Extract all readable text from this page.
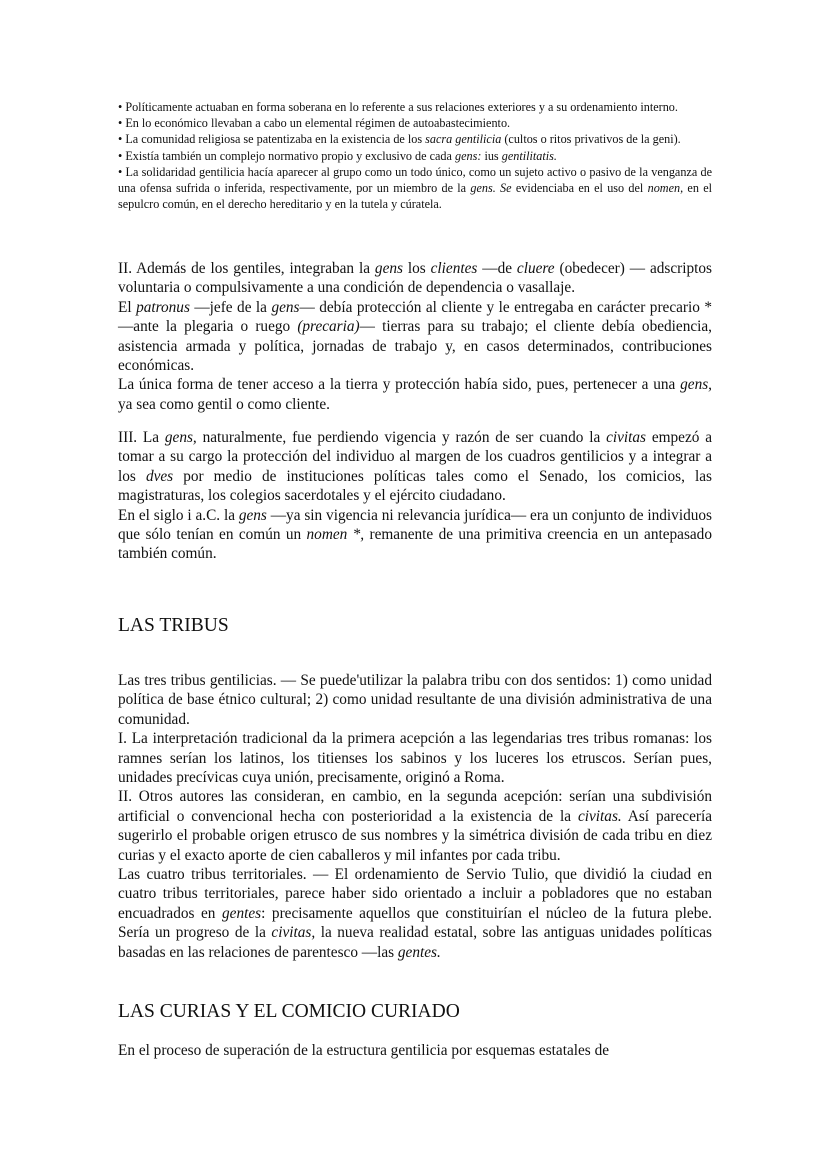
• Políticamente actuaban en forma soberana en lo referente a sus relaciones exteriores y a su ordenamiento interno.

• En lo económico llevaban a cabo un elemental régimen de autoabastecimiento.

• La comunidad religiosa se patentizaba en la existencia de los sacra gentilicia (cultos o ritos privativos de la geni).

• Existía también un complejo normativo propio y exclusivo de cada gens: ius gentilitatis.

• La solidaridad gentilicia hacía aparecer al grupo como un todo único, como un sujeto activo o pasivo de la venganza de una ofensa sufrida o inferida, respectivamente, por un miembro de la gens. Se evidenciaba en el uso del nomen, en el sepulcro común, en el derecho hereditario y en la tutela y cúratela.

II. Además de los gentiles, integraban la gens los clientes —de cluere (obedecer) — adscriptos voluntaria o compulsivamente a una condición de dependencia o vasallaje.

El patronus —jefe de la gens— debía protección al cliente y le entregaba en carácter precario * —ante la plegaria o ruego (precaria)— tierras para su trabajo; el cliente debía obediencia, asistencia armada y política, jornadas de trabajo y, en casos determinados, contribuciones económicas.

La única forma de tener acceso a la tierra y protección había sido, pues, pertenecer a una gens, ya sea como gentil o como cliente.

III. La gens, naturalmente, fue perdiendo vigencia y razón de ser cuando la civitas empezó a tomar a su cargo la protección del individuo al margen de los cuadros gentilicios y a integrar a los dves por medio de instituciones políticas tales como el Senado, los comicios, las magistraturas, los colegios sacerdotales y el ejército ciudadano.

En el siglo i a.C. la gens —ya sin vigencia ni relevancia jurídica— era un conjunto de individuos que sólo tenían en común un nomen *, remanente de una primitiva creencia en un antepasado también común.

LAS TRIBUS

Las tres tribus gentilicias. — Se puede'utilizar la palabra tribu con dos sentidos: 1) como unidad política de base étnico cultural; 2) como unidad resultante de una división administrativa de una comunidad.

I. La interpretación tradicional da la primera acepción a las legendarias tres tribus romanas: los ramnes serían los latinos, los titienses los sabinos y los luceres los etruscos. Serían pues, unidades precívicas cuya unión, precisamente, originó a Roma.

II. Otros autores las consideran, en cambio, en la segunda acepción: serían una subdivisión artificial o convencional hecha con posterioridad a la existencia de la civitas. Así parecería sugerirlo el probable origen etrusco de sus nombres y la simétrica división de cada tribu en diez curias y el exacto aporte de cien caballeros y mil infantes por cada tribu.

Las cuatro tribus territoriales. — El ordenamiento de Servio Tulio, que dividió la ciudad en cuatro tribus territoriales, parece haber sido orientado a incluir a pobladores que no estaban encuadrados en gentes: precisamente aquellos que constituirían el núcleo de la futura plebe. Sería un progreso de la civitas, la nueva realidad estatal, sobre las antiguas unidades políticas basadas en las relaciones de parentesco —las gentes.

LAS CURIAS Y EL COMICIO CURIADO

En el proceso de superación de la estructura gentilicia por esquemas estatales de
